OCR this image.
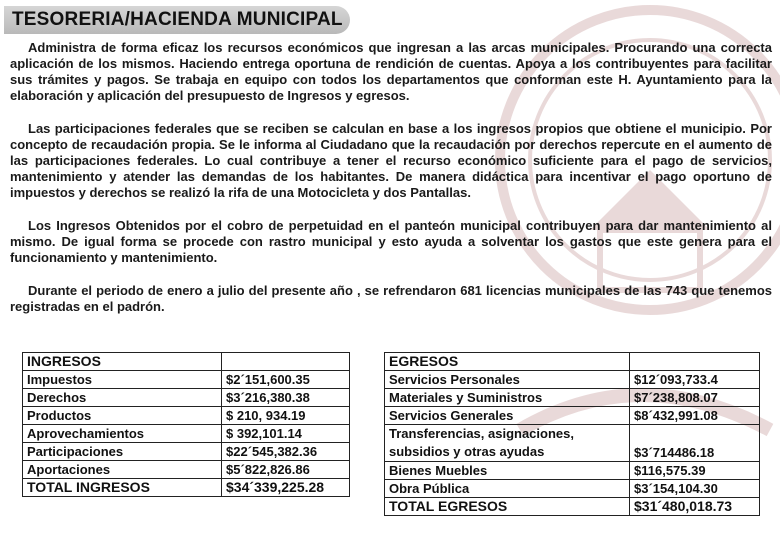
TESORERIA/HACIENDA MUNICIPAL

Administra de forma eficaz los recursos económicos que ingresan a las arcas municipales. Procurando una correcta aplicación de los mismos. Haciendo entrega oportuna de rendición de cuentas. Apoya a los contribuyentes para facilitar sus trámites y pagos. Se trabaja en equipo con todos los departamentos que conforman este H. Ayuntamiento para la elaboración y aplicación del presupuesto de Ingresos y egresos.

Las participaciones federales que se reciben se calculan en base a los ingresos propios que obtiene el municipio. Por concepto de recaudación propia. Se le informa al Ciudadano que la recaudación por derechos repercute en el aumento de las participaciones federales. Lo cual contribuye a tener el recurso económico suficiente para el pago de servicios, mantenimiento y atender las demandas de los habitantes. De manera didáctica para incentivar el pago oportuno de impuestos y derechos se realizó la rifa de una Motocicleta y dos Pantallas.

Los Ingresos Obtenidos por el cobro de perpetuidad en el panteón municipal contribuyen para dar mantenimiento al mismo. De igual forma se procede con rastro municipal y esto ayuda a solventar los gastos que este genera para el funcionamiento y mantenimiento.

Durante el periodo de enero a julio del presente año , se refrendaron 681 licencias municipales de las 743 que tenemos registradas en el padrón.

INGRESOS	
Impuestos	$2´151,600.35
Derechos	$3´216,380.38
Productos	$ 210, 934.19
Aprovechamientos	$ 392,101.14
Participaciones	$22´545,382.36
Aportaciones	$5´822,826.86
TOTAL INGRESOS	$34´339,225.28
EGRESOS	
Servicios Personales	$12´093,733.4
Materiales y Suministros	$7´238,808.07
Servicios Generales	$8´432,991.08
Transferencias, asignaciones, subsidios y otras ayudas	$3´714486.18
Bienes Muebles	$116,575.39
Obra Pública	$3´154,104.30
TOTAL EGRESOS	$31´480,018.73
